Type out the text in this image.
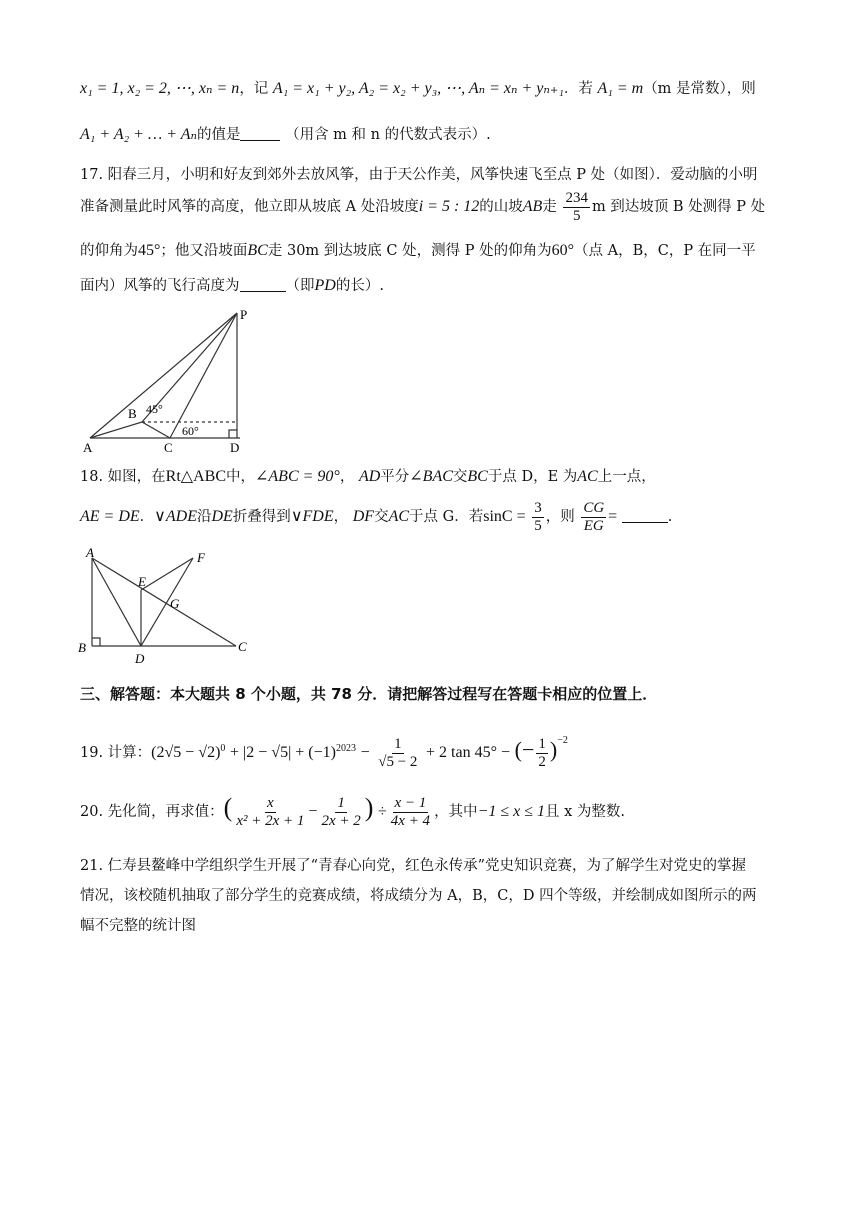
x₁ = 1, x₂ = 2, ⋯, xₙ = n，记 A₁ = x₁ + y₂, A₂ = x₂ + y₃, ⋯, Aₙ = xₙ + yₙ₊₁．若 A₁ = m（m 是常数），则
A₁ + A₂ + … + Aₙ的值是	（用含 m 和 n 的代数式表示）.
17. 阳春三月，小明和好友到郊外去放风筝，由于天公作美，风筝快速飞至点 P 处（如图）．爱动脑的小明
准备测量此时风筝的高度，他立即从坡底 A 处沿坡度i = 5 : 12的山坡AB走 $\frac{234}{5}$ m 到达坡顶 B 处测得 P 处
的仰角为45°；他又沿坡面BC走 30m 到达坡底 C 处，测得 P 处的仰角为60°（点 A，B，C，P 在同一平
面内）风筝的飞行高度为	（即PD的长）.
P
B 45°
60°
A	C	D
18. 如图，在Rt△ABC中，∠ABC = 90°， AD平分∠BAC交BC于点 D，E 为AC上一点，
AE = DE．∨ADE沿DE折叠得到∨FDE， DF交AC于点 G．若$\sin C = \frac{3}{5}$ ，则 $\frac{CG}{EG}$ =	.
A	F
E
G
B
D
C
三、解答题：本大题共 8 个小题，共 78 分．请把解答过程写在答题卡相应的位置上．
19. 计算：$(2√5 - √2)^0 + |2 - √5| + (-1)^{2023} - \frac{1}{√5 - 2} + 2$ tan 45° − (− $\frac{1}{2} )^{-2}$
20. 先化简，再求值：( $\frac{x}{\text{x² + 2x + 1}} - \frac{1}{2x + 2}$ ) ÷ $\frac{x - 1}{4x + 4}$ ，其中−1 ≤ x ≤ 1且 x 为整数.
21. 仁寿县鳌峰中学组织学生开展了“青春心向党，红色永传承”党史知识竞赛，为了解学生对党史的掌握
情况，该校随机抽取了部分学生的竞赛成绩，将成绩分为 A，B，C，D 四个等级，并绘制成如图所示的两
幅不完整的统计图
